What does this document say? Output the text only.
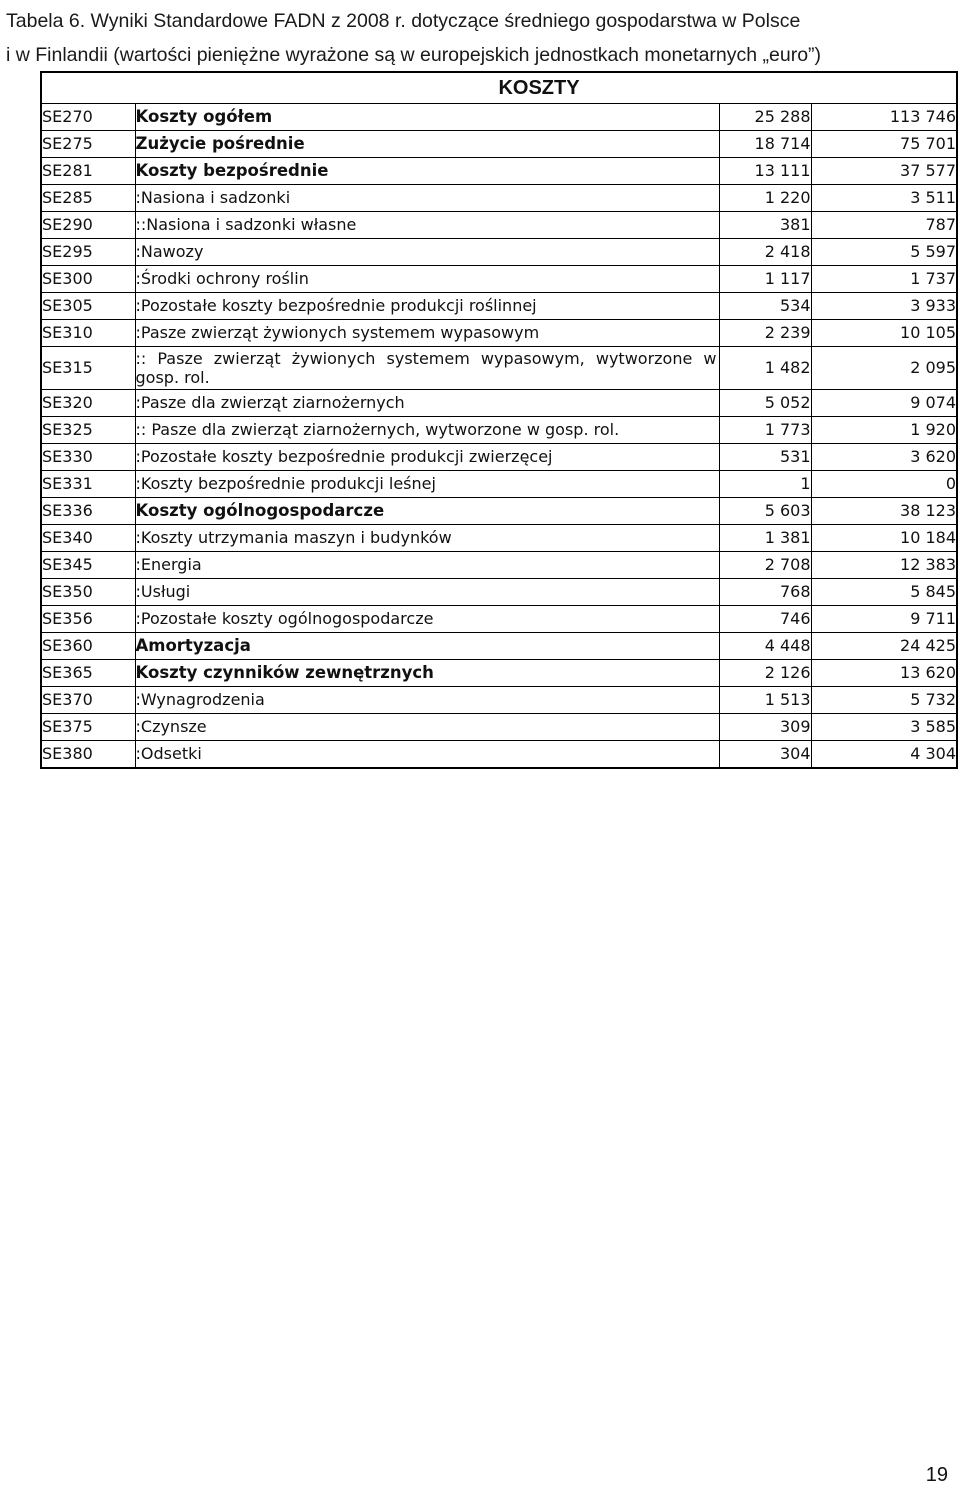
Tabela 6. Wyniki Standardowe FADN z 2008 r. dotyczące średniego gospodarstwa w Polsce
i w Finlandii (wartości pieniężne wyrażone są w europejskich jednostkach monetarnych „euro”)
KOSZTY			
SE270	Koszty ogółem	25 288	113 746
SE275	Zużycie pośrednie	18 714	75 701
SE281	Koszty bezpośrednie	13 111	37 577
SE285	:Nasiona i sadzonki	1 220	3 511
SE290	::Nasiona i sadzonki własne	381	787
SE295	:Nawozy	2 418	5 597
SE300	:Środki ochrony roślin	1 117	1 737
SE305	:Pozostałe koszty bezpośrednie produkcji roślinnej	534	3 933
SE310	:Pasze zwierząt żywionych systemem wypasowym	2 239	10 105
SE315	:: Pasze zwierząt żywionych systemem wypasowym, wytworzone w gosp. rol.	1 482	2 095
SE320	:Pasze dla zwierząt ziarnożernych	5 052	9 074
SE325	:: Pasze dla zwierząt ziarnożernych, wytworzone w gosp. rol.	1 773	1 920
SE330	:Pozostałe koszty bezpośrednie produkcji zwierzęcej	531	3 620
SE331	:Koszty bezpośrednie produkcji leśnej	1	0
SE336	Koszty ogólnogospodarcze	5 603	38 123
SE340	:Koszty utrzymania maszyn i budynków	1 381	10 184
SE345	:Energia	2 708	12 383
SE350	:Usługi	768	5 845
SE356	:Pozostałe koszty ogólnogospodarcze	746	9 711
SE360	Amortyzacja	4 448	24 425
SE365	Koszty czynników zewnętrznych	2 126	13 620
SE370	:Wynagrodzenia	1 513	5 732
SE375	:Czynsze	309	3 585
SE380	:Odsetki	304	4 304
19
